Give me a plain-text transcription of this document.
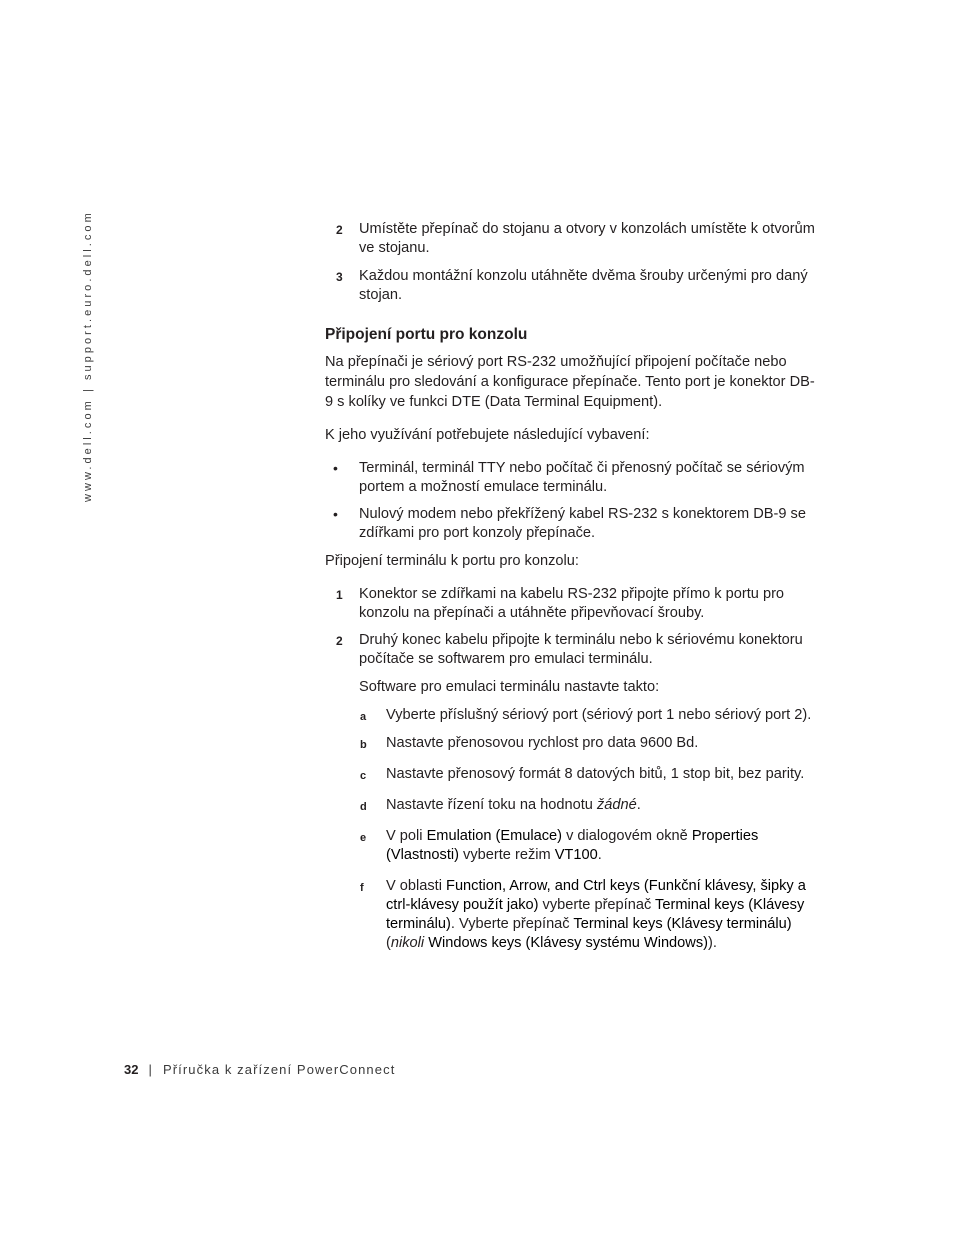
www.dell.com | support.euro.dell.com	2 Umístěte přepínač do stojanu a otvory v konzolách umístěte k otvorům ve stojanu.
3 Každou montážní konzolu utáhněte dvěma šrouby určenými pro daný stojan.
Připojení portu pro konzolu
Na přepínači je sériový port RS-232 umožňující připojení počítače nebo terminálu pro sledování a konfigurace přepínače. Tento port je konektor DB-9 s kolíky ve funkci DTE (Data Terminal Equipment).
K jeho využívání potřebujete následující vybavení:
• Terminál, terminál TTY nebo počítač či přenosný počítač se sériovým portem a možností emulace terminálu.
• Nulový modem nebo překřížený kabel RS-232 s konektorem DB-9 se zdířkami pro port konzoly přepínače.
Připojení terminálu k portu pro konzolu:
1 Konektor se zdířkami na kabelu RS-232 připojte přímo k portu pro konzolu na přepínači a utáhněte připevňovací šrouby.
2 Druhý konec kabelu připojte k terminálu nebo k sériovému konektoru počítače se softwarem pro emulaci terminálu.
Software pro emulaci terminálu nastavte takto:
a Vyberte příslušný sériový port (sériový port 1 nebo sériový port 2).
b Nastavte přenosovou rychlost pro data 9600 Bd.
c Nastavte přenosový formát 8 datových bitů, 1 stop bit, bez parity.
d Nastavte řízení toku na hodnotu žádné.
e V poli Emulation (Emulace) v dialogovém okně Properties (Vlastnosti) vyberte režim VT100.
f V oblasti Function, Arrow, and Ctrl keys (Funkční klávesy, šipky a ctrl-klávesy použít jako) vyberte přepínač Terminal keys (Klávesy terminálu). Vyberte přepínač Terminal keys (Klávesy terminálu) (nikoli Windows keys (Klávesy systému Windows)).
32 | Příručka k zařízení PowerConnect
